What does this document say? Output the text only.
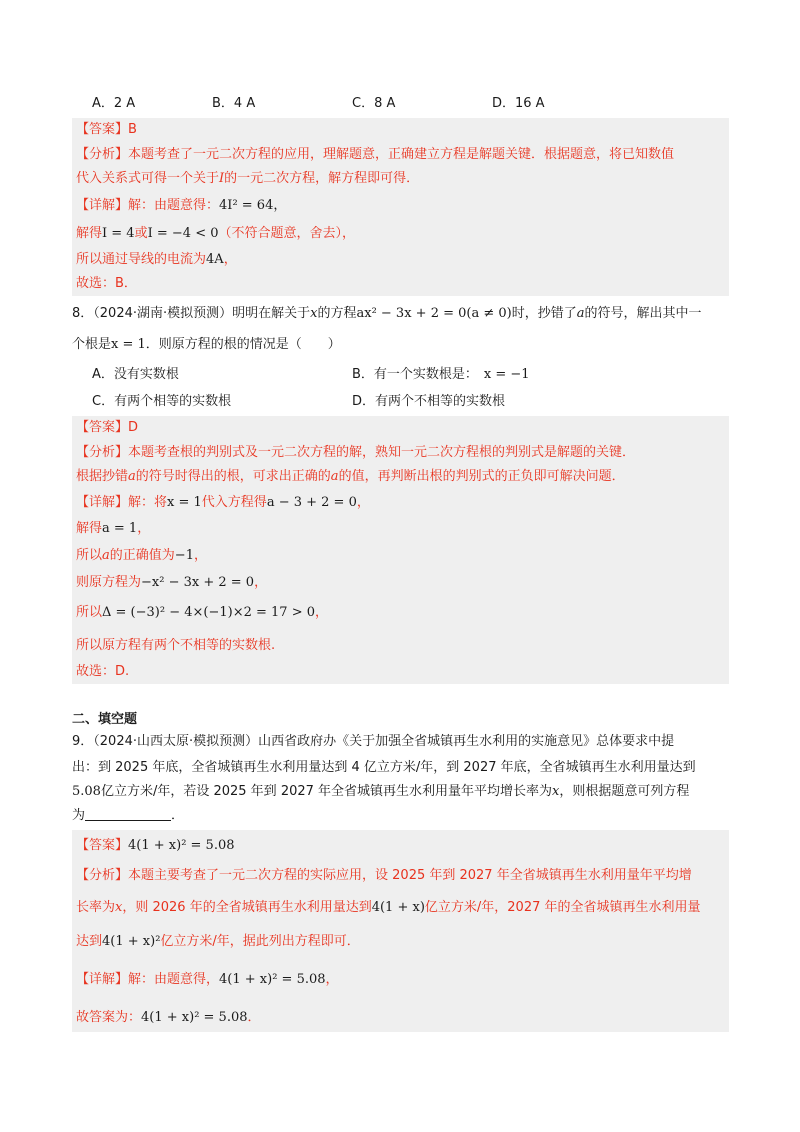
A．2 A	B．4 A	C．8 A	D．16 A
【答案】B
【分析】本题考查了一元二次方程的应用，理解题意，正确建立方程是解题关键．根据题意，将已知数值
代入关系式可得一个关于I的一元二次方程，解方程即可得．
【详解】解：由题意得：4I² = 64，
解得I = 4或I = −4 < 0（不符合题意，舍去），
所以通过导线的电流为4A，
故选：B．
8．（2024·湖南·模拟预测）明明在解关于x的方程ax² − 3x + 2 = 0(a ≠ 0)时，抄错了a的符号，解出其中一
个根是x = 1．则原方程的根的情况是（　　）
A．没有实数根	B．有一个实数根是： x = −1
C．有两个相等的实数根	D．有两个不相等的实数根
【答案】D
【分析】本题考查根的判别式及一元二次方程的解，熟知一元二次方程根的判别式是解题的关键．
根据抄错a的符号时得出的根，可求出正确的a的值，再判断出根的判别式的正负即可解决问题．
【详解】解：将x = 1代入方程得a − 3 + 2 = 0，
解得a = 1，
所以a的正确值为−1，
则原方程为−x² − 3x + 2 = 0，
所以Δ = (−3)² − 4×(−1)×2 = 17 > 0，
所以原方程有两个不相等的实数根.
故选：D.
二、填空题
9．（2024·山西太原·模拟预测）山西省政府办《关于加强全省城镇再生水利用的实施意见》总体要求中提
出：到 2025 年底，全省城镇再生水利用量达到 4 亿立方米/年，到 2027 年底，全省城镇再生水利用量达到
5.08亿立方米/年，若设 2025 年到 2027 年全省城镇再生水利用量年平均增长率为x，则根据题意可列方程
为	．
【答案】4(1 + x)² = 5.08
【分析】本题主要考查了一元二次方程的实际应用，设 2025 年到 2027 年全省城镇再生水利用量年平均增
长率为x，则 2026 年的全省城镇再生水利用量达到4(1 + x)亿立方米/年，2027 年的全省城镇再生水利用量
达到4(1 + x)²亿立方米/年，据此列出方程即可．
【详解】解：由题意得，4(1 + x)² = 5.08，
故答案为：4(1 + x)² = 5.08．
